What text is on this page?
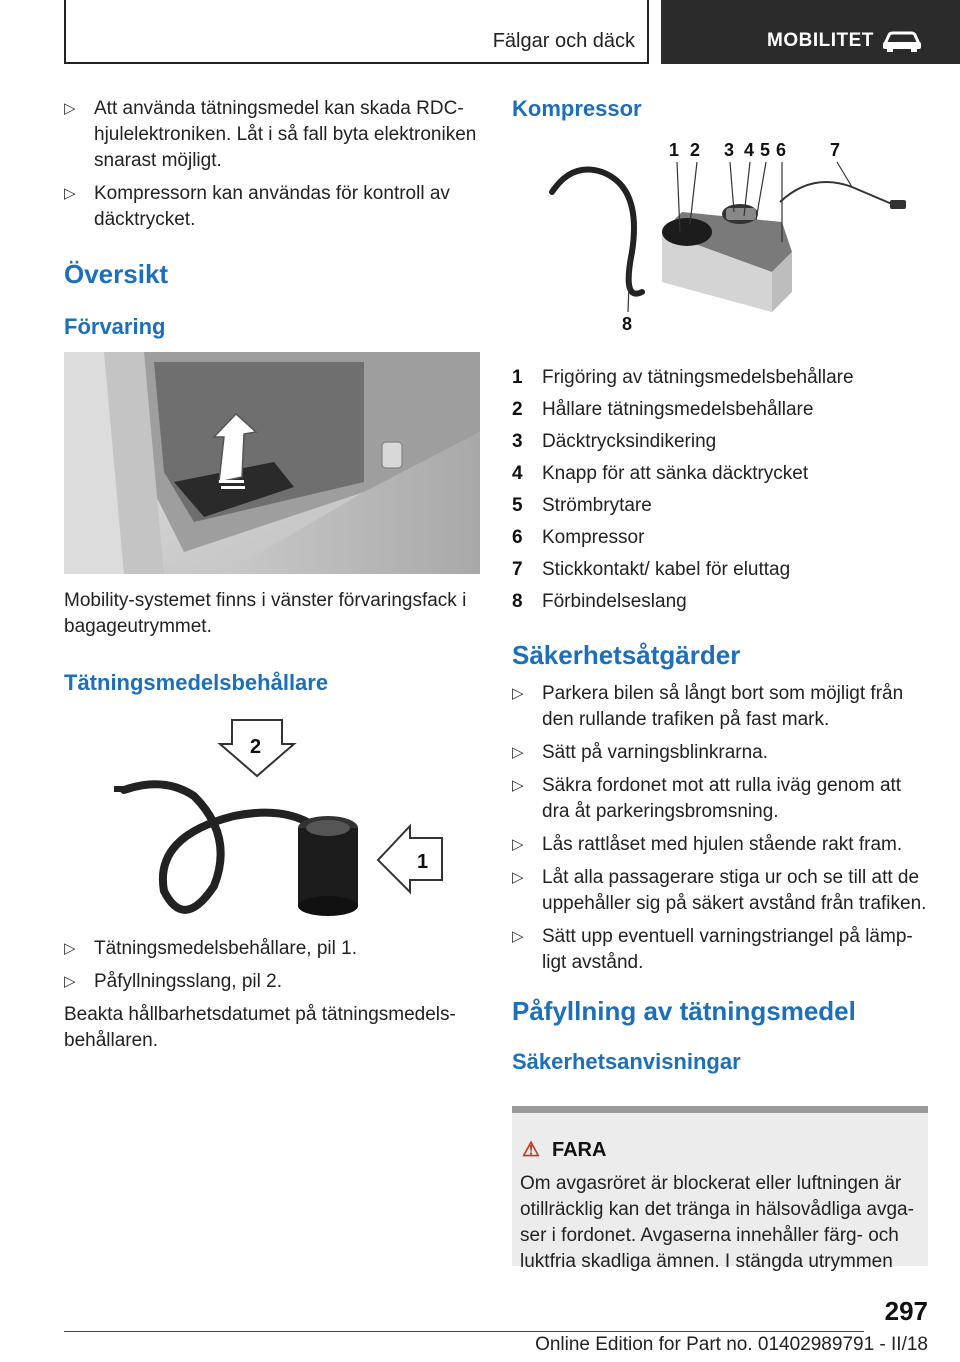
Fälgar och däck	MOBILITET
▷ Att använda tätningsmedel kan skada RDC-hjulelektroniken. Låt i så fall byta elektroniken snarast möjligt.
▷ Kompressorn kan användas för kontroll av däcktrycket.
Översikt
Förvaring
Mobility-systemet finns i vänster förvaringsfack i bagageutrymmet.
Tätningsmedelsbehållare
2
1
▷ Tätningsmedelsbehållare, pil 1.
▷ Påfyllningsslang, pil 2.
Beakta hållbarhetsdatumet på tätningsmedels-behållaren.
Kompressor
1 2 3 4 5 6 7
8
1 Frigöring av tätningsmedelsbehållare
2 Hållare tätningsmedelsbehållare
3 Däcktrycksindikering
4 Knapp för att sänka däcktrycket
5 Strömbrytare
6 Kompressor
7 Stickkontakt/ kabel för eluttag
8 Förbindelseslang
Säkerhetsåtgärder
▷ Parkera bilen så långt bort som möjligt från den rullande trafiken på fast mark.
▷ Sätt på varningsblinkrarna.
▷ Säkra fordonet mot att rulla iväg genom att dra åt parkeringsbromsning.
▷ Lås rattlåset med hjulen stående rakt fram.
▷ Låt alla passagerare stiga ur och se till att de uppehåller sig på säkert avstånd från trafiken.
▷ Sätt upp eventuell varningstriangel på lämp-ligt avstånd.
Påfyllning av tätningsmedel
Säkerhetsanvisningar
⚠ FARA
Om avgasröret är blockerat eller luftningen är otillräcklig kan det tränga in hälsovådliga avga-ser i fordonet. Avgaserna innehåller färg- och luktfria skadliga ämnen. I stängda utrymmen
297
Online Edition for Part no. 01402989791 - II/18
